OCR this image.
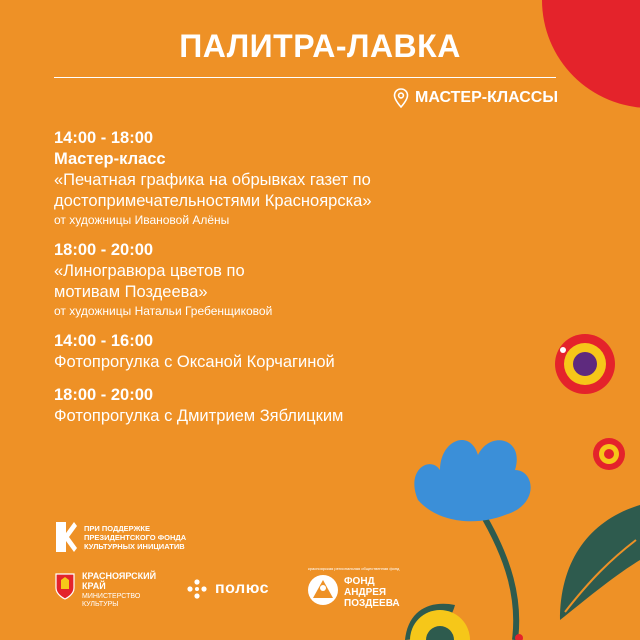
ПАЛИТРА-ЛАВКА
МАСТЕР-КЛАССЫ
14:00 - 18:00
Мастер-класс
«Печатная графика на обрывках газет по
достопримечательностями Красноярска»
от художницы Ивановой Алёны
18:00 - 20:00
«Линогравюра цветов по
мотивам Поздеева»
от художницы Натальи Гребенщиковой
14:00 - 16:00
Фотопрогулка с Оксаной Корчагиной
18:00 - 20:00
Фотопрогулка с Дмитрием Зяблицким
ПРИ ПОДДЕРЖКЕ
ПРЕЗИДЕНТСКОГО ФОНДА
КУЛЬТУРНЫХ ИНИЦИАТИВ
КРАСНОЯРСКИЙ
КРАЙ
МИНИСТЕРСТВО
КУЛЬТУРЫ
полюс
красноярская региональная общественная фонд
ФОНД
АНДРЕЯ
ПОЗДЕЕВА
